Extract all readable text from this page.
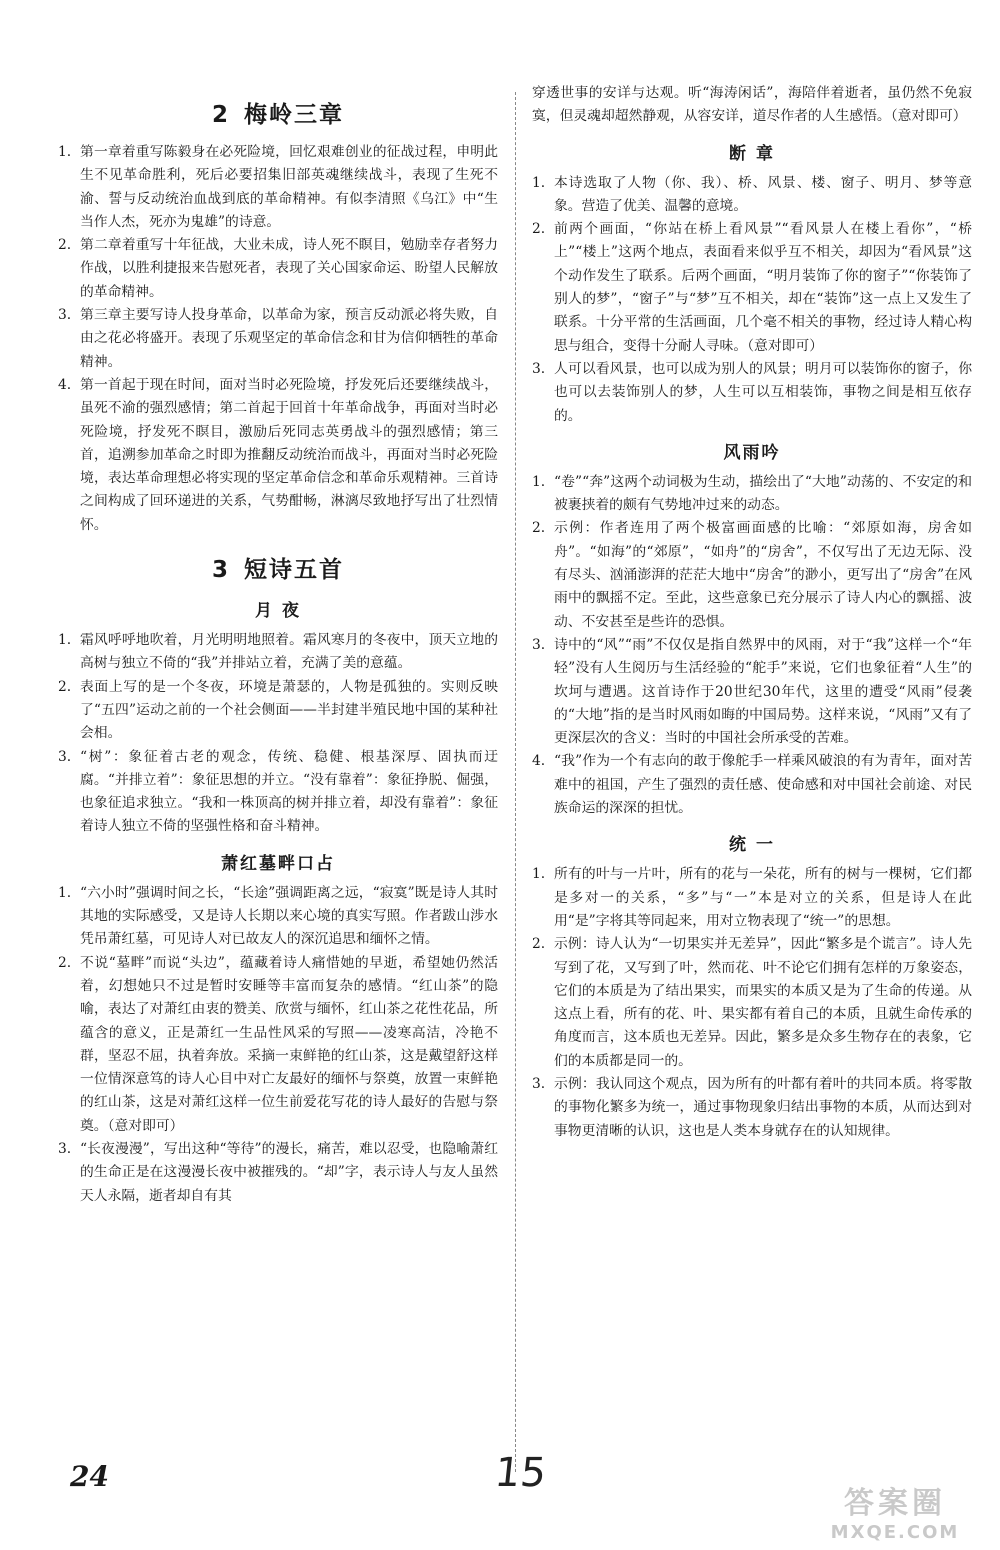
2 梅岭三章
1. 第一章着重写陈毅身在必死险境，回忆艰难创业的征战过程，申明此生不见革命胜利，死后必要招集旧部英魂继续战斗，表现了生死不渝、誓与反动统治血战到底的革命精神。有似李清照《乌江》中“生当作人杰，死亦为鬼雄”的诗意。
2. 第二章着重写十年征战，大业未成，诗人死不瞑目，勉励幸存者努力作战，以胜利捷报来告慰死者，表现了关心国家命运、盼望人民解放的革命精神。
3. 第三章主要写诗人投身革命，以革命为家，预言反动派必将失败，自由之花必将盛开。表现了乐观坚定的革命信念和甘为信仰牺牲的革命精神。
4. 第一首起于现在时间，面对当时必死险境，抒发死后还要继续战斗，虽死不渝的强烈感情；第二首起于回首十年革命战争，再面对当时必死险境，抒发死不瞑目，激励后死同志英勇战斗的强烈感情；第三首，追溯参加革命之时即为推翻反动统治而战斗，再面对当时必死险境，表达革命理想必将实现的坚定革命信念和革命乐观精神。三首诗之间构成了回环递进的关系，气势酣畅，淋漓尽致地抒写出了壮烈情怀。
3 短诗五首
月 夜
1. 霜风呼呼地吹着，月光明明地照着。霜风寒月的冬夜中，顶天立地的高树与独立不倚的“我”并排站立着，充满了美的意蕴。
2. 表面上写的是一个冬夜，环境是萧瑟的，人物是孤独的。实则反映了“五四”运动之前的一个社会侧面——半封建半殖民地中国的某种社会相。
3. “树”：象征着古老的观念，传统、稳健、根基深厚、固执而迂腐。“并排立着”：象征思想的并立。“没有靠着”：象征挣脱、倔强，也象征追求独立。“我和一株顶高的树并排立着，却没有靠着”：象征着诗人独立不倚的坚强性格和奋斗精神。
萧红墓畔口占
1. “六小时”强调时间之长，“长途”强调距离之远，“寂寞”既是诗人其时其地的实际感受，又是诗人长期以来心境的真实写照。作者跋山涉水凭吊萧红墓，可见诗人对已故友人的深沉追思和缅怀之情。
2. 不说“墓畔”而说“头边”，蕴藏着诗人痛惜她的早逝，希望她仍然活着，幻想她只不过是暂时安睡等丰富而复杂的感情。“红山茶”的隐喻，表达了对萧红由衷的赞美、欣赏与缅怀，红山茶之花性花品，所蕴含的意义，正是萧红一生品性风采的写照——凌寒高洁，冷艳不群，坚忍不屈，执着奔放。采摘一束鲜艳的红山茶，这是戴望舒这样一位情深意笃的诗人心目中对亡友最好的缅怀与祭奠，放置一束鲜艳的红山茶，这是对萧红这样一位生前爱花写花的诗人最好的告慰与祭奠。（意对即可）
3. “长夜漫漫”，写出这种“等待”的漫长，痛苦，难以忍受，也隐喻萧红的生命正是在这漫漫长夜中被摧残的。“却”字，表示诗人与友人虽然天人永隔，逝者却自有其
穿透世事的安详与达观。听“海涛闲话”，海陪伴着逝者，虽仍然不免寂寞，但灵魂却超然静观，从容安详，道尽作者的人生感悟。（意对即可）
断 章
1. 本诗选取了人物（你、我）、桥、风景、楼、窗子、明月、梦等意象。营造了优美、温馨的意境。
2. 前两个画面，“你站在桥上看风景”“看风景人在楼上看你”，“桥上”“楼上”这两个地点，表面看来似乎互不相关，却因为“看风景”这个动作发生了联系。后两个画面，“明月装饰了你的窗子”“你装饰了别人的梦”，“窗子”与“梦”互不相关，却在“装饰”这一点上又发生了联系。十分平常的生活画面，几个毫不相关的事物，经过诗人精心构思与组合，变得十分耐人寻味。（意对即可）
3. 人可以看风景，也可以成为别人的风景；明月可以装饰你的窗子，你也可以去装饰别人的梦，人生可以互相装饰，事物之间是相互依存的。
风雨吟
1. “卷”“奔”这两个动词极为生动，描绘出了“大地”动荡的、不安定的和被裹挟着的颇有气势地冲过来的动态。
2. 示例：作者连用了两个极富画面感的比喻：“郊原如海，房舍如舟”。“如海”的“郊原”，“如舟”的“房舍”，不仅写出了无边无际、没有尽头、汹涌澎湃的茫茫大地中“房舍”的渺小，更写出了“房舍”在风雨中的飘摇不定。至此，这些意象已充分展示了诗人内心的飘摇、波动、不安甚至是些许的恐惧。
3. 诗中的“风”“雨”不仅仅是指自然界中的风雨，对于“我”这样一个“年轻”没有人生阅历与生活经验的“舵手”来说，它们也象征着“人生”的坎坷与遭遇。这首诗作于20世纪30年代，这里的遭受“风雨”侵袭的“大地”指的是当时风雨如晦的中国局势。这样来说，“风雨”又有了更深层次的含义：当时的中国社会所承受的苦难。
4. “我”作为一个有志向的敢于像舵手一样乘风破浪的有为青年，面对苦难中的祖国，产生了强烈的责任感、使命感和对中国社会前途、对民族命运的深深的担忧。
统 一
1. 所有的叶与一片叶，所有的花与一朵花，所有的树与一棵树，它们都是多对一的关系，“多”与“一”本是对立的关系，但是诗人在此用“是”字将其等同起来，用对立物表现了“统一”的思想。
2. 示例：诗人认为“一切果实并无差异”，因此“繁多是个谎言”。诗人先写到了花，又写到了叶，然而花、叶不论它们拥有怎样的万象姿态，它们的本质是为了结出果实，而果实的本质又是为了生命的传递。从这点上看，所有的花、叶、果实都有着自己的本质，且就生命传承的角度而言，这本质也无差异。因此，繁多是众多生物存在的表象，它们的本质都是同一的。
3. 示例：我认同这个观点，因为所有的叶都有着叶的共同本质。将零散的事物化繁多为统一，通过事物现象归结出事物的本质，从而达到对事物更清晰的认识，这也是人类本身就存在的认知规律。
24	15
答案圈
MXQE.COM
